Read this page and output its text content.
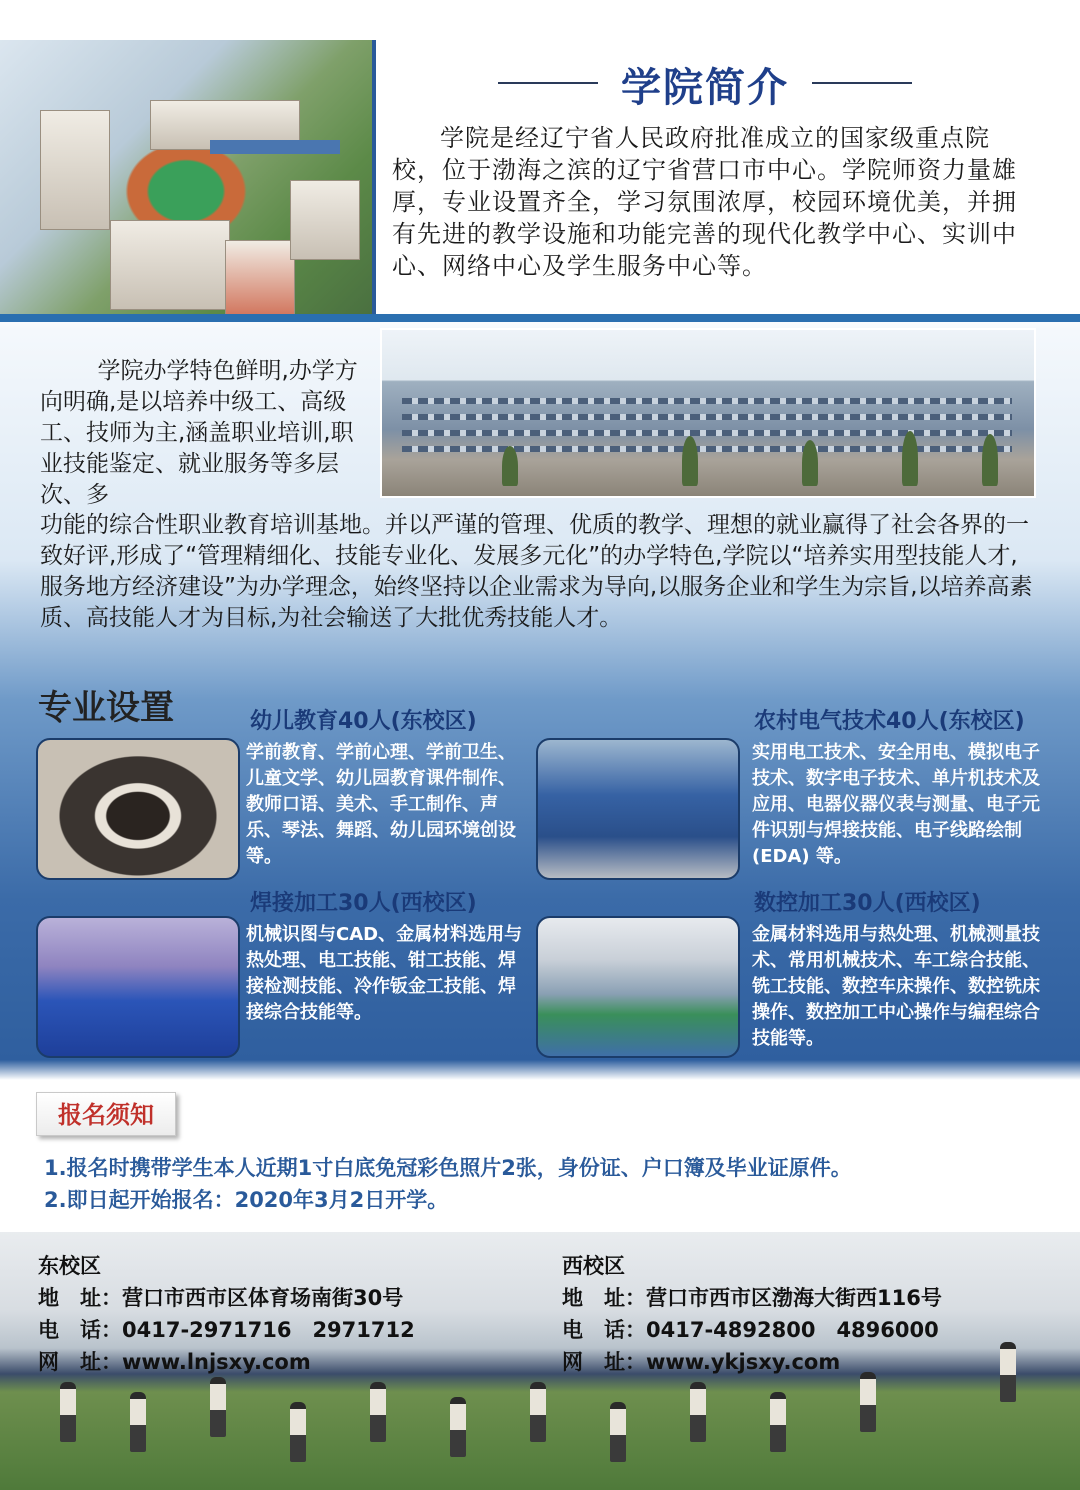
学院简介
学院是经辽宁省人民政府批准成立的国家级重点院校，位于渤海之滨的辽宁省营口市中心。学院师资力量雄厚，专业设置齐全，学习氛围浓厚，校园环境优美，并拥有先进的教学设施和功能完善的现代化教学中心、实训中心、网络中心及学生服务中心等。
学院办学特色鲜明,办学方向明确,是以培养中级工、高级工、技师为主,涵盖职业培训,职业技能鉴定、就业服务等多层次、多
功能的综合性职业教育培训基地。并以严谨的管理、优质的教学、理想的就业赢得了社会各界的一致好评,形成了“管理精细化、技能专业化、发展多元化”的办学特色,学院以“培养实用型技能人才,服务地方经济建设”为办学理念，始终坚持以企业需求为导向,以服务企业和学生为宗旨,以培养高素质、高技能人才为目标,为社会输送了大批优秀技能人才。
专业设置	幼儿教育40人(东校区)
学前教育、学前心理、学前卫生、儿童文学、幼儿园教育课件制作、教师口语、美术、手工制作、声乐、琴法、舞蹈、幼儿园环境创设等。
农村电气技术40人(东校区)
实用电工技术、安全用电、模拟电子技术、数字电子技术、单片机技术及应用、电器仪器仪表与测量、电子元件识别与焊接技能、电子线路绘制 (EDA) 等。
焊接加工30人(西校区)
机械识图与CAD、金属材料选用与热处理、电工技能、钳工技能、焊接检测技能、冷作钣金工技能、焊接综合技能等。
数控加工30人(西校区)
金属材料选用与热处理、机械测量技术、常用机械技术、车工综合技能、铣工技能、数控车床操作、数控铣床操作、数控加工中心操作与编程综合技能等。
报名须知
1.报名时携带学生本人近期1寸白底免冠彩色照片2张，身份证、户口簿及毕业证原件。
2.即日起开始报名：2020年3月2日开学。
东校区
地　址：营口市西市区体育场南街30号
电　话：0417-2971716　2971712
网　址：www.lnjsxy.com
西校区
地　址：营口市西市区渤海大街西116号
电　话：0417-4892800　4896000
网　址：www.ykjsxy.com
